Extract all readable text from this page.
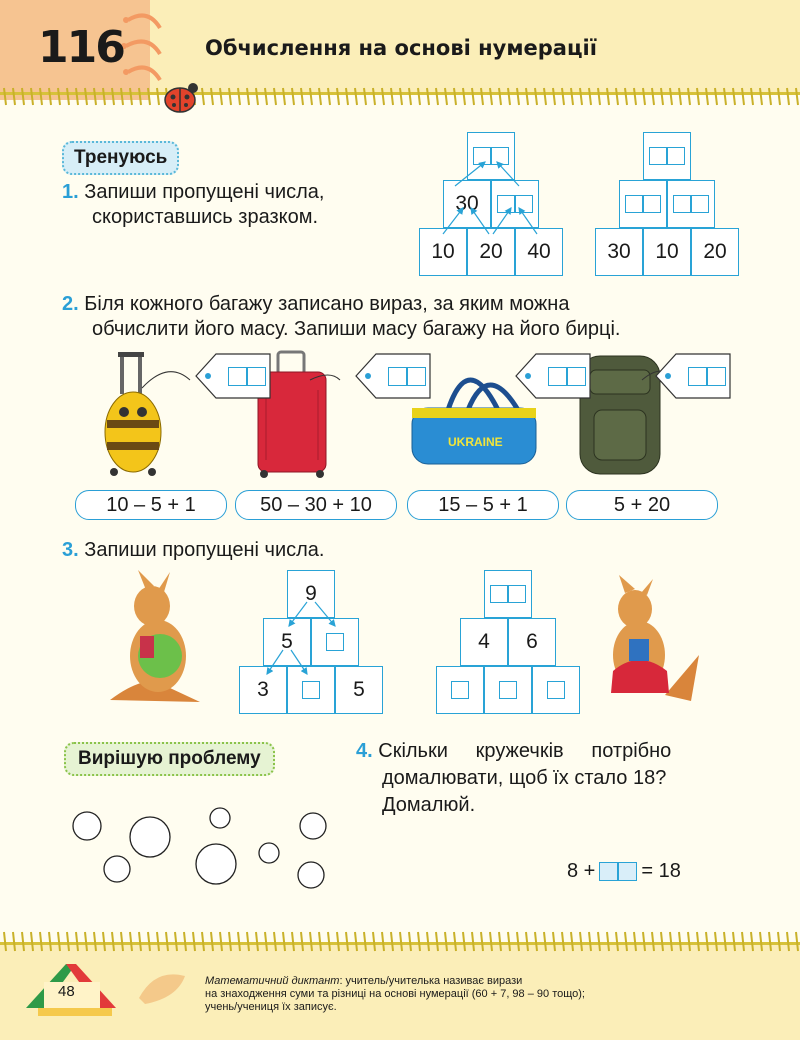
116	Обчислення на основі нумерації
Тренуюсь
1. Запиши пропущені числа,
скориставшись зразком.
30
10	20	40	30	10	20
2. Біля кожного багажу записано вираз, за яким можна
обчислити його масу. Запиши масу багажу на його бирці.
UKRAINE
10 – 5 + 1	50 – 30 + 10	15 – 5 + 1	5 + 20
3. Запиши пропущені числа.
9
5
3	5
4	6
Вирішую проблему	4. Скільки     кружечків     потрібно
домалювати, щоб їх стало 18?
Домалюй.
8 + = 18
48
Математичний диктант: учитель/учителька називає вирази
на знаходження суми та різниці на основі нумерації (60 + 7, 98 – 90 тощо);
учень/учениця їх записує.
